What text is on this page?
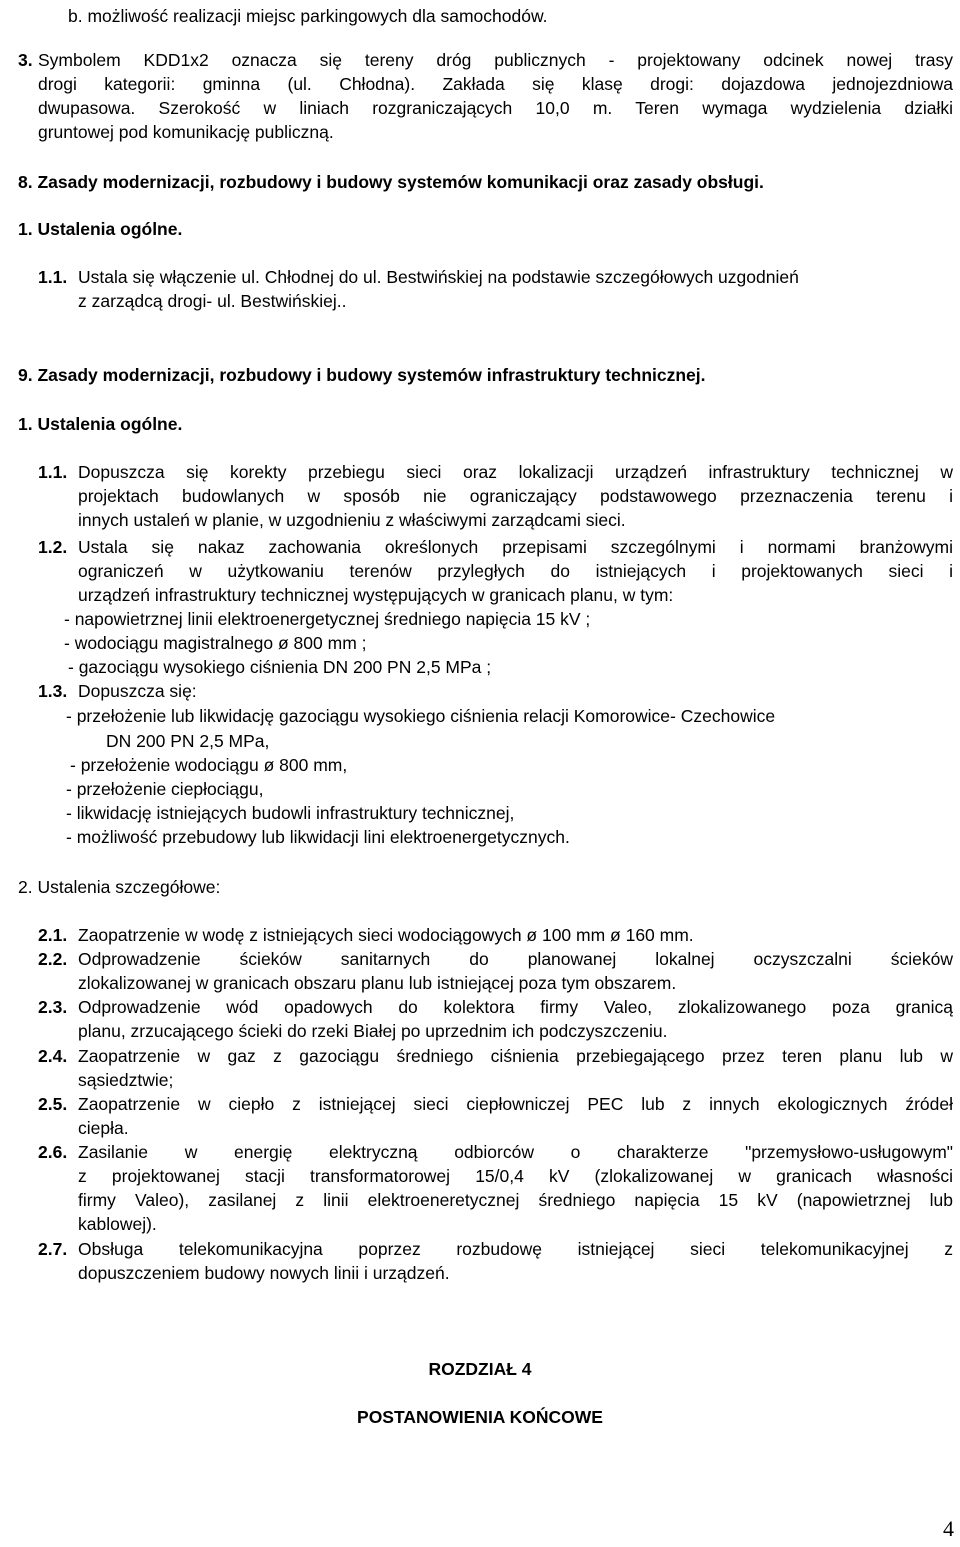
b. możliwość realizacji miejsc parkingowych dla samochodów.
3. Symbolem KDD1x2 oznacza się tereny dróg publicznych - projektowany odcinek nowej trasy
drogi kategorii: gminna (ul. Chłodna). Zakłada się klasę drogi: dojazdowa jednojezdniowa
dwupasowa. Szerokość w liniach rozgraniczających 10,0 m. Teren wymaga wydzielenia działki
gruntowej pod komunikację publiczną.
8. Zasady modernizacji, rozbudowy i budowy systemów komunikacji oraz zasady obsługi.
1. Ustalenia ogólne.
1.1. Ustala się włączenie ul. Chłodnej do ul. Bestwińskiej na podstawie szczegółowych uzgodnień
z zarządcą drogi- ul. Bestwińskiej..
9. Zasady modernizacji, rozbudowy i budowy systemów infrastruktury technicznej.
1. Ustalenia ogólne.
1.1. Dopuszcza się korekty przebiegu sieci oraz lokalizacji urządzeń infrastruktury technicznej w
projektach budowlanych w sposób nie ograniczający podstawowego przeznaczenia terenu i
innych ustaleń w planie, w uzgodnieniu z właściwymi zarządcami sieci.
1.2. Ustala się nakaz zachowania określonych przepisami szczególnymi i normami branżowymi
ograniczeń w użytkowaniu terenów przyległych do istniejących i projektowanych sieci i
urządzeń infrastruktury technicznej występujących w granicach planu, w tym:
- napowietrznej linii elektroenergetycznej średniego napięcia 15 kV ;
- wodociągu magistralnego ø 800 mm ;
- gazociągu wysokiego ciśnienia DN 200 PN 2,5 MPa ;
1.3. Dopuszcza się:
- przełożenie lub likwidację gazociągu wysokiego ciśnienia relacji Komorowice- Czechowice
DN 200 PN 2,5 MPa,
- przełożenie wodociągu ø 800 mm,
- przełożenie ciepłociągu,
- likwidację istniejących budowli infrastruktury technicznej,
- możliwość przebudowy lub likwidacji lini elektroenergetycznych.
2. Ustalenia szczegółowe:
2.1. Zaopatrzenie w wodę z istniejących sieci wodociągowych ø 100 mm ø 160 mm.
2.2. Odprowadzenie ścieków sanitarnych do planowanej lokalnej oczyszczalni ścieków
zlokalizowanej w granicach obszaru planu lub istniejącej poza tym obszarem.
2.3. Odprowadzenie wód opadowych do kolektora firmy Valeo, zlokalizowanego poza granicą
planu, zrzucającego ścieki do rzeki Białej po uprzednim ich podczyszczeniu.
2.4. Zaopatrzenie w gaz z gazociągu średniego ciśnienia przebiegającego przez teren planu lub w
sąsiedztwie;
2.5. Zaopatrzenie w ciepło z istniejącej sieci ciepłowniczej PEC lub z innych ekologicznych źródeł
ciepła.
2.6. Zasilanie w energię elektryczną odbiorców o charakterze "przemysłowo-usługowym"
z projektowanej stacji transformatorowej 15/0,4 kV (zlokalizowanej w granicach własności
firmy Valeo), zasilanej z linii elektroeneretycznej średniego napięcia 15 kV (napowietrznej lub
kablowej).
2.7. Obsługa telekomunikacyjna poprzez rozbudowę istniejącej sieci telekomunikacyjnej z
dopuszczeniem budowy nowych linii i urządzeń.
ROZDZIAŁ 4
POSTANOWIENIA KOŃCOWE
4
